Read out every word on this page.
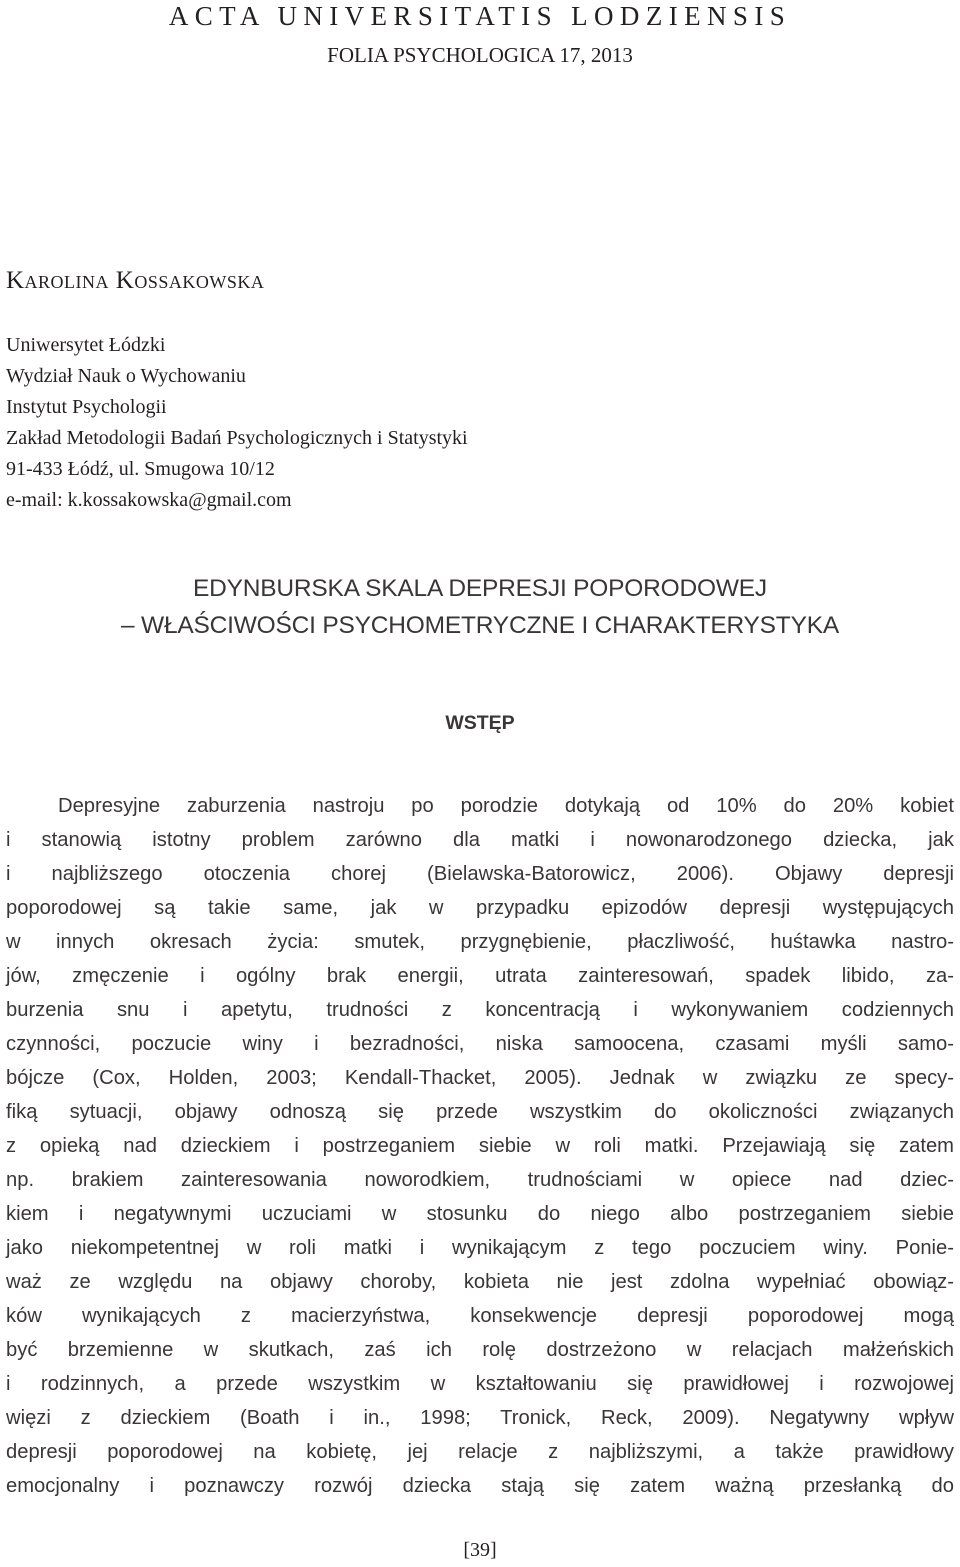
ACTA UNIVERSITATIS LODZIENSIS
FOLIA PSYCHOLOGICA 17, 2013
Karolina Kossakowska
Uniwersytet Łódzki
Wydział Nauk o Wychowaniu
Instytut Psychologii
Zakład Metodologii Badań Psychologicznych i Statystyki
91-433 Łódź, ul. Smugowa 10/12
e-mail: k.kossakowska@gmail.com
EDYNBURSKA SKALA DEPRESJI POPORODOWEJ
– WŁAŚCIWOŚCI PSYCHOMETRYCZNE I CHARAKTERYSTYKA
WSTĘP
Depresyjne zaburzenia nastroju po porodzie dotykają od 10% do 20% kobiet
i stanowią istotny problem zarówno dla matki i nowonarodzonego dziecka, jak
i najbliższego otoczenia chorej (Bielawska-Batorowicz, 2006). Objawy depresji
poporodowej są takie same, jak w przypadku epizodów depresji występujących
w innych okresach życia: smutek, przygnębienie, płaczliwość, huśtawka nastro-
jów, zmęczenie i ogólny brak energii, utrata zainteresowań, spadek libido, za-
burzenia snu i apetytu, trudności z koncentracją i wykonywaniem codziennych
czynności, poczucie winy i bezradności, niska samoocena, czasami myśli samo-
bójcze (Cox, Holden, 2003; Kendall-Thacket, 2005). Jednak w związku ze specy-
fiką sytuacji, objawy odnoszą się przede wszystkim do okoliczności związanych
z opieką nad dzieckiem i postrzeganiem siebie w roli matki. Przejawiają się zatem
np. brakiem zainteresowania noworodkiem, trudnościami w opiece nad dziec-
kiem i negatywnymi uczuciami w stosunku do niego albo postrzeganiem siebie
jako niekompetentnej w roli matki i wynikającym z tego poczuciem winy. Ponie-
waż ze względu na objawy choroby, kobieta nie jest zdolna wypełniać obowiąz-
ków wynikających z macierzyństwa, konsekwencje depresji poporodowej mogą
być brzemienne w skutkach, zaś ich rolę dostrzeżono w relacjach małżeńskich
i rodzinnych, a przede wszystkim w kształtowaniu się prawidłowej i rozwojowej
więzi z dzieckiem (Boath i in., 1998; Tronick, Reck, 2009). Negatywny wpływ
depresji poporodowej na kobietę, jej relacje z najbliższymi, a także prawidłowy
emocjonalny i poznawczy rozwój dziecka stają się zatem ważną przesłanką do
[39]
